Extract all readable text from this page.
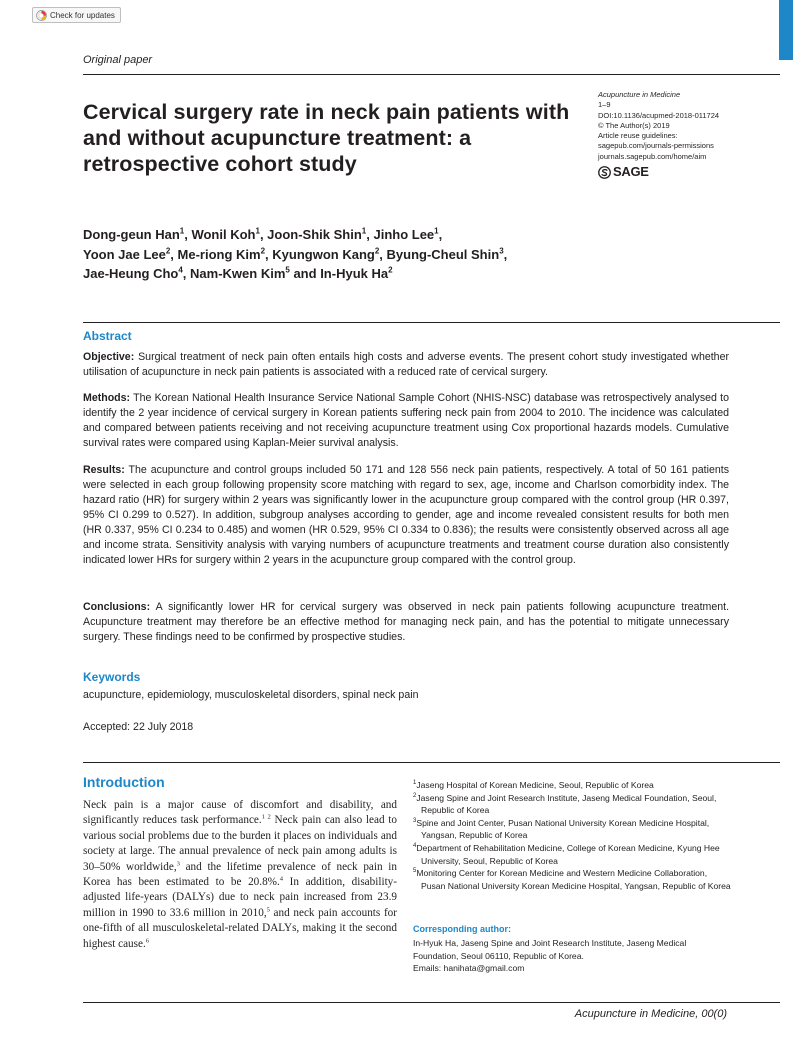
Check for updates
Original paper
Cervical surgery rate in neck pain patients with and without acupuncture treatment: a retrospective cohort study
Acupuncture in Medicine
1–9
DOI:10.1136/acupmed-2018-011724
© The Author(s) 2019
Article reuse guidelines:
sagepub.com/journals-permissions
journals.sagepub.com/home/aim
SAGE
Dong-geun Han$^1$, Wonil Koh$^1$, Joon-Shik Shin$^1$, Jinho Lee$^1$,
Yoon Jae Lee$^2$, Me-riong Kim$^2$, Kyungwon Kang$^2$, Byung-Cheul Shin$^3$,
Jae-Heung Cho$^4$, Nam-Kwen Kim$^5$ and In-Hyuk Ha$^2$
Abstract
Objective: Surgical treatment of neck pain often entails high costs and adverse events. The present cohort study investigated whether utilisation of acupuncture in neck pain patients is associated with a reduced rate of cervical surgery.
Methods: The Korean National Health Insurance Service National Sample Cohort (NHIS-NSC) database was retrospectively analysed to identify the 2 year incidence of cervical surgery in Korean patients suffering neck pain from 2004 to 2010. The incidence was calculated and compared between patients receiving and not receiving acupuncture treatment using Cox proportional hazards models. Cumulative survival rates were compared using Kaplan-Meier survival analysis.
Results: The acupuncture and control groups included 50 171 and 128 556 neck pain patients, respectively. A total of 50 161 patients were selected in each group following propensity score matching with regard to sex, age, income and Charlson comorbidity index. The hazard ratio (HR) for surgery within 2 years was significantly lower in the acupuncture group compared with the control group (HR 0.397, 95% CI 0.299 to 0.527). In addition, subgroup analyses according to gender, age and income revealed consistent results for both men (HR 0.337, 95% CI 0.234 to 0.485) and women (HR 0.529, 95% CI 0.334 to 0.836); the results were consistently observed across all age and income strata. Sensitivity analysis with varying numbers of acupuncture treatments and treatment course duration also consistently indicated lower HRs for surgery within 2 years in the acupuncture group compared with the control group.
Conclusions: A significantly lower HR for cervical surgery was observed in neck pain patients following acupuncture treatment. Acupuncture treatment may therefore be an effective method for managing neck pain, and has the potential to mitigate unnecessary surgery. These findings need to be confirmed by prospective studies.
Keywords
acupuncture, epidemiology, musculoskeletal disorders, spinal neck pain
Accepted: 22 July 2018
Introduction

Neck pain is a major cause of discomfort and disability, and significantly reduces task performance.$^{1 2}$ Neck pain can also lead to various social problems due to the burden it places on individuals and society at large. The annual prevalence of neck pain among adults is 30–50% worldwide,$^3$ and the lifetime prevalence of neck pain in Korea has been estimated to be 20.8%.$^4$ In addition, disability-adjusted life-years (DALYs) due to neck pain increased from 23.9 million in 1990 to 33.6 million in 2010,$^5$ and neck pain accounts for one-fifth of all musculoskeletal-related DALYs, making it the second highest cause.$^6$

$^1$Jaseng Hospital of Korean Medicine, Seoul, Republic of Korea
$^2$Jaseng Spine and Joint Research Institute, Jaseng Medical Foundation, Seoul, Republic of Korea
$^3$Spine and Joint Center, Pusan National University Korean Medicine Hospital, Yangsan, Republic of Korea
$^4$Department of Rehabilitation Medicine, College of Korean Medicine, Kyung Hee University, Seoul, Republic of Korea
$^5$Monitoring Center for Korean Medicine and Western Medicine Collaboration, Pusan National University Korean Medicine Hospital, Yangsan, Republic of Korea
Corresponding author:
In-Hyuk Ha, Jaseng Spine and Joint Research Institute, Jaseng Medical Foundation, Seoul 06110, Republic of Korea.
Emails: hanihata@gmail.com
Acupuncture in Medicine, 00(0)
